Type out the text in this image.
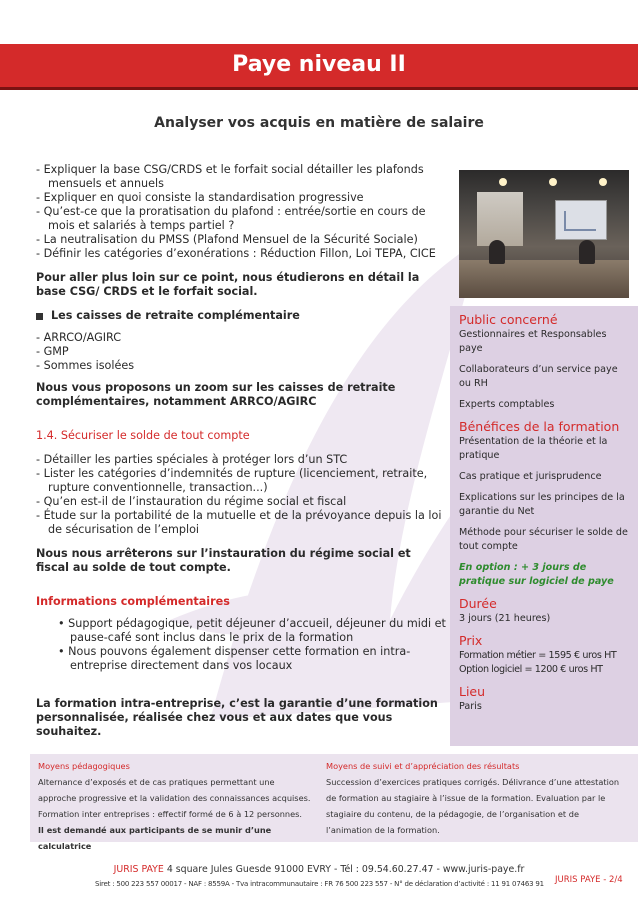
Paye niveau II
Analyser vos acquis en matière de salaire
- Expliquer la base CSG/CRDS et le forfait social détailler les plafonds mensuels et annuels
- Expliquer en quoi consiste la standardisation progressive
- Qu’est-ce que la proratisation du plafond : entrée/sortie en cours de mois et salariés à temps partiel ?
- La neutralisation du PMSS (Plafond Mensuel de la Sécurité Sociale)
- Définir les catégories d’exonérations : Réduction Fillon, Loi TEPA, CICE

Pour aller plus loin sur ce point, nous étudierons en détail la base CSG/ CRDS et le forfait social.

Les caisses de retraite complémentaire
- ARRCO/AGIRC
- GMP
- Sommes isolées

Nous vous proposons un zoom sur les caisses de retraite complémentaires, notamment ARRCO/AGIRC

1.4. Sécuriser le solde de tout compte

- Détailler les parties spéciales à protéger lors d’un STC
- Lister les catégories d’indemnités de rupture (licenciement, retraite, rupture conventionnelle, transaction...)
- Qu’en est-il de l’instauration du régime social et fiscal
- Étude sur la portabilité de la mutuelle et de la prévoyance depuis la loi de sécurisation de l’emploi

Nous nous arrêterons sur l’instauration du régime social et fiscal au solde de tout compte.

Informations complémentaires

• Support pédagogique, petit déjeuner d’accueil, déjeuner du midi et pause-café sont inclus dans le prix de la formation
• Nous pouvons également dispenser cette formation en intra-entreprise directement dans vos locaux

La formation intra-entreprise, c’est la garantie d’une formation personnalisée, réalisée chez vous et aux dates que vous souhaitez.

Public concerné

Gestionnaires et Responsables paye

Collaborateurs d’un service paye ou RH

Experts comptables

Bénéfices de la formation

Présentation de la théorie et la pratique

Cas pratique et jurisprudence

Explications sur les principes de la garantie du Net

Méthode pour sécuriser le solde de tout compte

En option : + 3 jours de pratique sur logiciel de paye

Durée

3 jours (21 heures)

Prix

Formation métier = 1595 € uros HT

Option logiciel = 1200 € uros HT

Lieu

Paris

Moyens pédagogiques
Alternance d’exposés et de cas pratiques permettant une approche progressive et la validation des connaissances acquises. Formation inter entreprises : effectif formé de 6 à 12 personnes.
Il est demandé aux participants de se munir d’une calculatrice
Moyens de suivi et d’appréciation des résultats
Succession d’exercices pratiques corrigés. Délivrance d’une attestation de formation au stagiaire à l’issue de la formation. Evaluation par le stagiaire du contenu, de la pédagogie, de l’organisation et de l’animation de la formation.
JURIS PAYE 4 square Jules Guesde 91000 EVRY - Tél : 09.54.60.27.47 - www.juris-paye.fr
Siret : 500 223 557 00017 - NAF : 8559A - Tva intracommunautaire : FR 76 500 223 557 - N° de déclaration d’activité : 11 91 07463 91 JURIS PAYE - 2/4
